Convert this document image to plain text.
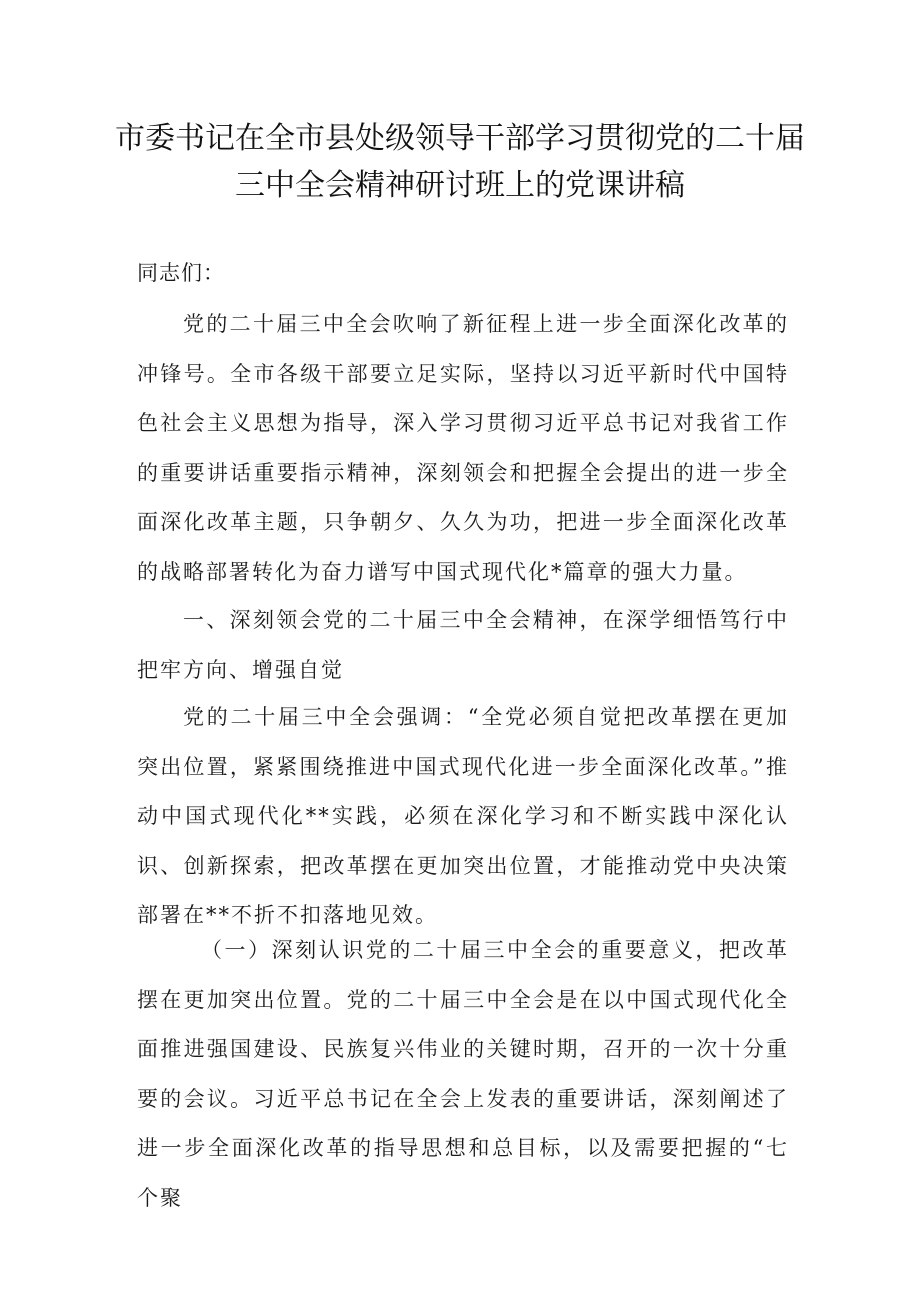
市委书记在全市县处级领导干部学习贯彻党的二十届
三中全会精神研讨班上的党课讲稿
同志们：

党的二十届三中全会吹响了新征程上进一步全面深化改革的冲锋号。全市各级干部要立足实际，坚持以习近平新时代中国特色社会主义思想为指导，深入学习贯彻习近平总书记对我省工作的重要讲话重要指示精神，深刻领会和把握全会提出的进一步全面深化改革主题，只争朝夕、久久为功，把进一步全面深化改革的战略部署转化为奋力谱写中国式现代化*篇章的强大力量。

一、深刻领会党的二十届三中全会精神，在深学细悟笃行中把牢方向、增强自觉

党的二十届三中全会强调：“全党必须自觉把改革摆在更加突出位置，紧紧围绕推进中国式现代化进一步全面深化改革。”推动中国式现代化**实践，必须在深化学习和不断实践中深化认识、创新探索，把改革摆在更加突出位置，才能推动党中央决策部署在**不折不扣落地见效。

（一）深刻认识党的二十届三中全会的重要意义，把改革摆在更加突出位置。党的二十届三中全会是在以中国式现代化全面推进强国建设、民族复兴伟业的关键时期，召开的一次十分重要的会议。习近平总书记在全会上发表的重要讲话，深刻阐述了进一步全面深化改革的指导思想和总目标，以及需要把握的“七个聚
